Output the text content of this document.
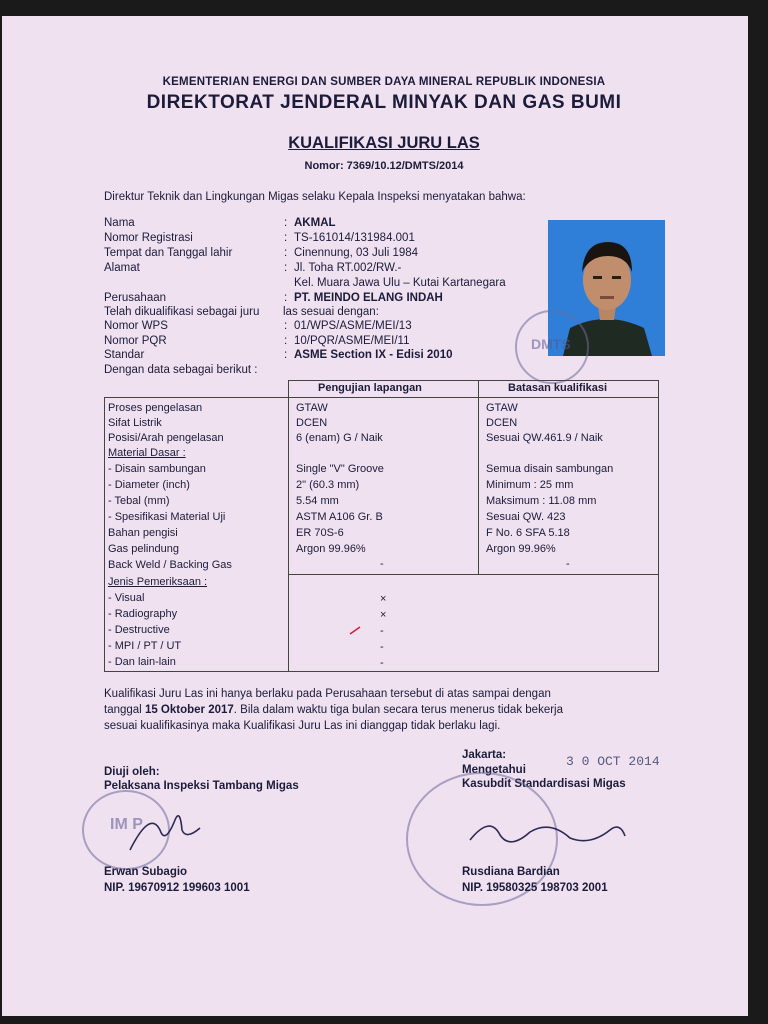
KEMENTERIAN ENERGI DAN SUMBER DAYA MINERAL REPUBLIK INDONESIA
DIREKTORAT JENDERAL MINYAK DAN GAS BUMI
KUALIFIKASI JURU LAS
Nomor: 7369/10.12/DMTS/2014
Direktur Teknik dan Lingkungan Migas selaku Kepala Inspeksi menyatakan bahwa:
Nama	: AKMAL
Nomor Registrasi	: TS-161014/131984.001
Tempat dan Tanggal lahir	: Cinennung, 03 Juli 1984
Alamat	: Jl. Toha RT.002/RW.-
Kel. Muara Jawa Ulu – Kutai Kartanegara
Perusahaan	: PT. MEINDO ELANG INDAH
Telah dikualifikasi sebagai juru las sesuai dengan:
Nomor WPS	: 01/WPS/ASME/MEI/13
Nomor PQR	: 10/PQR/ASME/MEI/11
Standar	: ASME Section IX - Edisi 2010
Dengan data sebagai berikut :
DMTS
Pengujian lapangan	Batasan kualifikasi
Proses pengelasan	GTAW	GTAW
Sifat Listrik	DCEN	DCEN
Posisi/Arah pengelasan	6 (enam) G / Naik	Sesuai QW.461.9 / Naik
Material Dasar :
- Disain sambungan	Single "V" Groove	Semua disain sambungan
- Diameter (inch)	2" (60.3 mm)	Minimum : 25 mm
- Tebal (mm)	5.54 mm	Maksimum : 11.08 mm
- Spesifikasi Material Uji	ASTM A106 Gr. B	Sesuai QW. 423
Bahan pengisi	ER 70S-6	F No. 6 SFA 5.18
Gas pelindung	Argon 99.96%	Argon 99.96%
Back Weld / Backing Gas	-	-
Jenis Pemeriksaan :
- Visual	×
- Radiography	×
- Destructive	-
- MPI / PT / UT	-
- Dan lain-lain	-
Kualifikasi Juru Las ini hanya berlaku pada Perusahaan tersebut di atas sampai dengan
tanggal 15 Oktober 2017. Bila dalam waktu tiga bulan secara terus menerus tidak bekerja
sesuai kualifikasinya maka Kualifikasi Juru Las ini dianggap tidak berlaku lagi.
Jakarta:	3 0 OCT 2014
Diuji oleh:
Pelaksana Inspeksi Tambang Migas
IM P
Erwan Subagio
NIP. 19670912 199603 1001
Mengetahui
Kasubdit Standardisasi Migas
Rusdiana Bardian
NIP. 19580325 198703 2001
